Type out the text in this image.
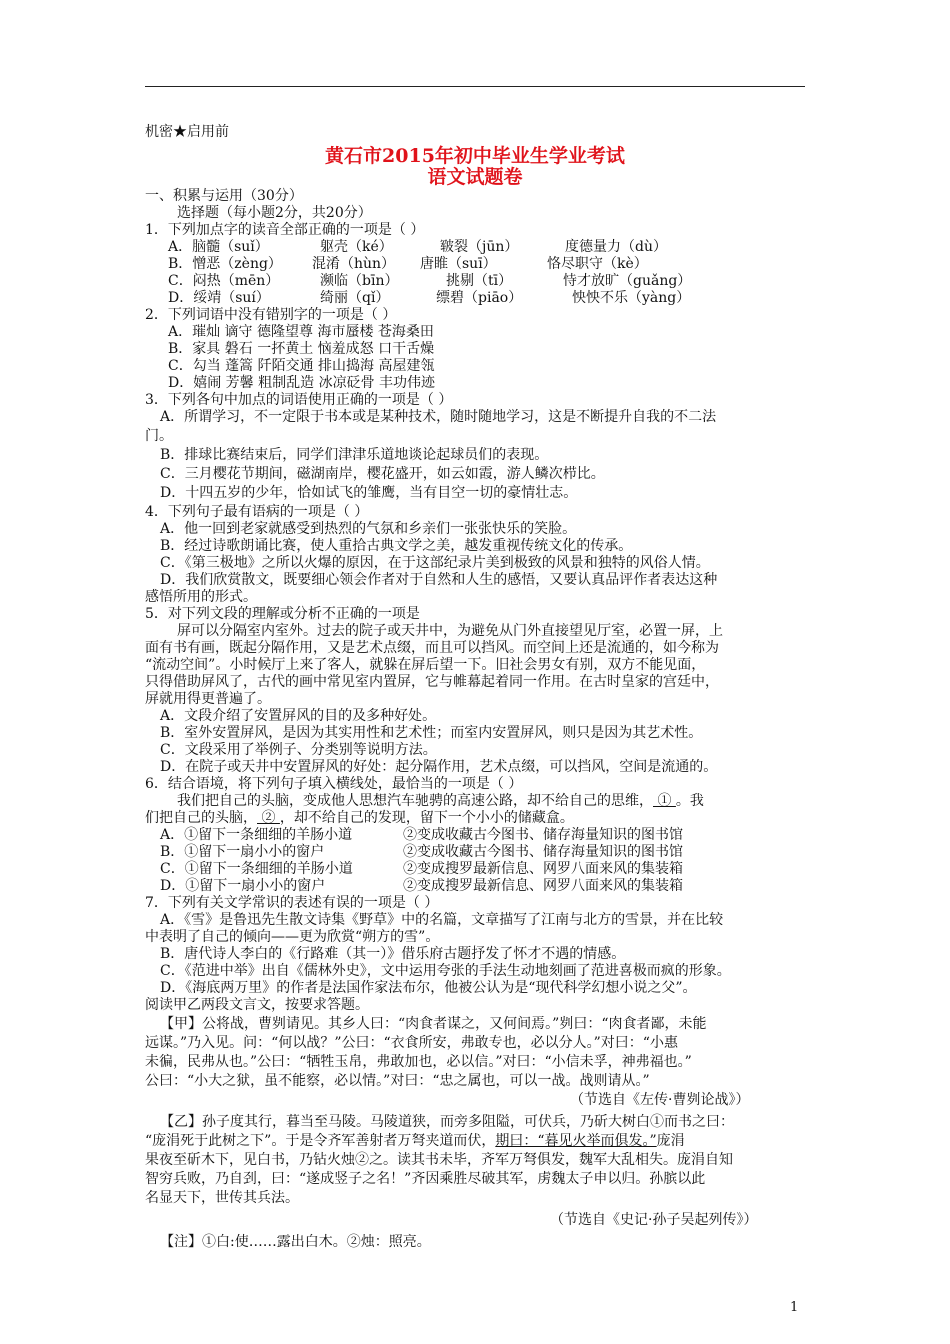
机密★启用前
黄石市2015年初中毕业生学业考试
语文试题卷
一、积累与运用（30分）
选择题（每小题2分，共20分）
1．下列加点字的读音全部正确的一项是（ ）
A．脑髓（suǐ）	躯壳（ké）	皲裂（jūn）	度德量力（dù）
B．憎恶（zèng） 混淆（hùn） 唐睢（suī）	恪尽职守（kè）
C．闷热（mēn）	濒临（bīn）	挑剔（tī）	恃才放旷（guǎng）
D．绥靖（suí）	绮丽（qǐ）	缥碧（piāo）	怏怏不乐（yàng）
2．下列词语中没有错别字的一项是（ ）
A．璀灿 谪守 德隆望尊 海市蜃楼 苍海桑田
B．家具 磐石 一抔黄土 恼羞成怒 口干舌燥
C．勾当 蓬篙 阡陌交通 排山捣海 高屋建瓴
D．嬉闹 芳馨 粗制乱造 冰凉砭骨 丰功伟迹
3．下列各句中加点的词语使用正确的一项是（ ）
A．所谓学习，不一定限于书本或是某种技术，随时随地学习，这是不断提升自我的不二法
门。
B．排球比赛结束后，同学们津津乐道地谈论起球员们的表现。
C．三月樱花节期间，磁湖南岸，樱花盛开，如云如霞，游人鳞次栉比。
D．十四五岁的少年，恰如试飞的雏鹰，当有目空一切的豪情壮志。
4．下列句子最有语病的一项是（ ）
A．他一回到老家就感受到热烈的气氛和乡亲们一张张快乐的笑脸。
B．经过诗歌朗诵比赛，使人重拾古典文学之美，越发重视传统文化的传承。
C．《第三极地》之所以火爆的原因，在于这部纪录片美到极致的风景和独特的风俗人情。
D．我们欣赏散文，既要细心领会作者对于自然和人生的感悟，又要认真品评作者表达这种
感悟所用的形式。
5．对下列文段的理解或分析不正确的一项是
屏可以分隔室内室外。过去的院子或天井中，为避免从门外直接望见厅室，必置一屏，上
面有书有画，既起分隔作用，又是艺术点缀，而且可以挡风。而空间上还是流通的，如今称为
“流动空间”。小时候厅上来了客人，就躲在屏后望一下。旧社会男女有别，双方不能见面，
只得借助屏风了，古代的画中常见室内置屏，它与帷幕起着同一作用。在古时皇家的宫廷中，
屏就用得更普遍了。
A．文段介绍了安置屏风的目的及多种好处。
B．室外安置屏风，是因为其实用性和艺术性；而室内安置屏风，则只是因为其艺术性。
C．文段采用了举例子、分类别等说明方法。
D．在院子或天井中安置屏风的好处：起分隔作用，艺术点缀，可以挡风，空间是流通的。
6．结合语境，将下列句子填入横线处，最恰当的一项是（ ）
我们把自己的头脑，变成他人思想汽车驰骋的高速公路，却不给自己的思维， ① 。我
们把自己的头脑， ② ，却不给自己的发现，留下一个小小的储藏盒。
A．①留下一条细细的羊肠小道	②变成收藏古今图书、储存海量知识的图书馆
B．①留下一扇小小的窗户	②变成收藏古今图书、储存海量知识的图书馆
C．①留下一条细细的羊肠小道	②变成搜罗最新信息、网罗八面来风的集装箱
D．①留下一扇小小的窗户	②变成搜罗最新信息、网罗八面来风的集装箱
7．下列有关文学常识的表述有误的一项是（ ）
A．《雪》是鲁迅先生散文诗集《野草》中的名篇，文章描写了江南与北方的雪景，并在比较
中表明了自己的倾向——更为欣赏“朔方的雪”。
B．唐代诗人李白的《行路难（其一）》借乐府古题抒发了怀才不遇的情感。
C．《范进中举》出自《儒林外史》，文中运用夸张的手法生动地刻画了范进喜极而疯的形象。
D．《海底两万里》的作者是法国作家法布尔，他被公认为是“现代科学幻想小说之父”。
阅读甲乙两段文言文，按要求答题。
【甲】公将战，曹刿请见。其乡人曰：“肉食者谋之，又何间焉。”刿曰：“肉食者鄙，未能
远谋。”乃入见。问：“何以战？”公曰：“衣食所安，弗敢专也，必以分人。”对曰：“小惠
未徧，民弗从也。”公曰：“牺牲玉帛，弗敢加也，必以信。”对曰：“小信未孚，神弗福也。”
公曰：“小大之狱，虽不能察，必以情。”对曰：“忠之属也，可以一战。战则请从。”
（节选自《左传·曹刿论战》）
【乙】孙子度其行，暮当至马陵。马陵道狭，而旁多阻隘，可伏兵，乃斫大树白①而书之曰：
“庞涓死于此树之下”。于是令齐军善射者万弩夹道而伏，期曰：“暮见火举而俱发。”庞涓
果夜至斫木下，见白书，乃钻火烛②之。读其书未毕，齐军万弩俱发，魏军大乱相失。庞涓自知
智穷兵败，乃自刭，曰：“遂成竖子之名！”齐因乘胜尽破其军，虏魏太子申以归。孙膑以此
名显天下，世传其兵法。
（节选自《史记·孙子吴起列传》）
【注】①白:使……露出白木。②烛：照亮。
1
